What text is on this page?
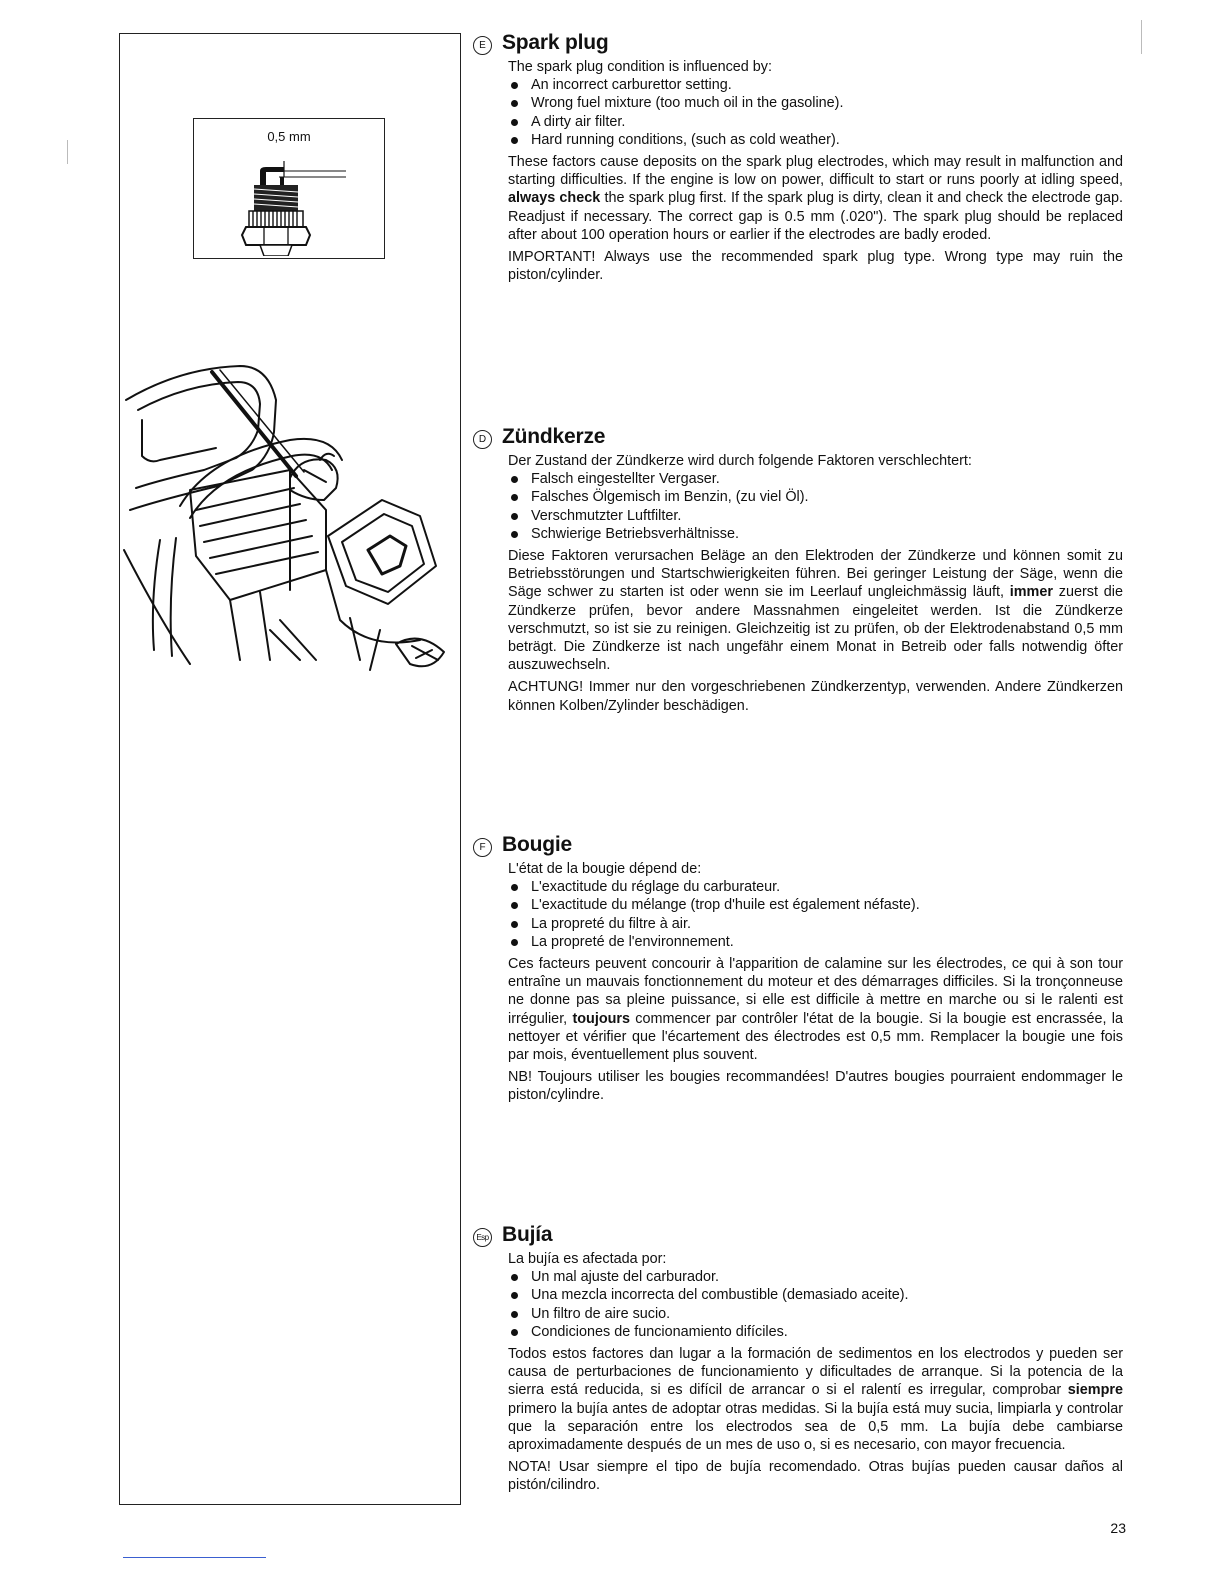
0,5 mm
E Spark plug

The spark plug condition is influenced by:

An incorrect carburettor setting.
Wrong fuel mixture (too much oil in the gasoline).
A dirty air filter.
Hard running conditions, (such as cold weather).

These factors cause deposits on the spark plug electrodes, which may result in malfunction and starting difficulties. If the engine is low on power, difficult to start or runs poorly at idling speed, always check the spark plug first. If the spark plug is dirty, clean it and check the electrode gap. Readjust if necessary. The correct gap is 0.5 mm (.020"). The spark plug should be replaced after about 100 operation hours or earlier if the electrodes are badly eroded.

IMPORTANT! Always use the recommended spark plug type. Wrong type may ruin the piston/cylinder.

D Zündkerze

Der Zustand der Zündkerze wird durch folgende Faktoren verschlechtert:

Falsch eingestellter Vergaser.
Falsches Ölgemisch im Benzin, (zu viel Öl).
Verschmutzter Luftfilter.
Schwierige Betriebsverhältnisse.

Diese Faktoren verursachen Beläge an den Elektroden der Zündkerze und können somit zu Betriebsstörungen und Startschwierigkeiten führen. Bei geringer Leistung der Säge, wenn die Säge schwer zu starten ist oder wenn sie im Leerlauf ungleichmässig läuft, immer zuerst die Zündkerze prüfen, bevor andere Massnahmen eingeleitet werden. Ist die Zündkerze verschmutzt, so ist sie zu reinigen. Gleichzeitig ist zu prüfen, ob der Elektrodenabstand 0,5 mm beträgt. Die Zündkerze ist nach ungefähr einem Monat in Betreib oder falls notwendig öfter auszuwechseln.

ACHTUNG! Immer nur den vorgeschriebenen Zündkerzentyp, verwenden. Andere Zündkerzen können Kolben/Zylinder beschädigen.

F Bougie

L'état de la bougie dépend de:

L'exactitude du réglage du carburateur.
L'exactitude du mélange (trop d'huile est également néfaste).
La propreté du filtre à air.
La propreté de l'environnement.

Ces facteurs peuvent concourir à l'apparition de calamine sur les électrodes, ce qui à son tour entraîne un mauvais fonctionnement du moteur et des démarrages difficiles. Si la tronçonneuse ne donne pas sa pleine puissance, si elle est difficile à mettre en marche ou si le ralenti est irrégulier, toujours commencer par contrôler l'état de la bougie. Si la bougie est encrassée, la nettoyer et vérifier que l'écartement des électrodes est 0,5 mm. Remplacer la bougie une fois par mois, éventuellement plus souvent.

NB! Toujours utiliser les bougies recommandées! D'autres bougies pourraient endommager le piston/cylindre.

Esp Bujía

La bujía es afectada por:

Un mal ajuste del carburador.
Una mezcla incorrecta del combustible (demasiado aceite).
Un filtro de aire sucio.
Condiciones de funcionamiento difíciles.

Todos estos factores dan lugar a la formación de sedimentos en los electrodos y pueden ser causa de perturbaciones de funcionamiento y dificultades de arranque. Si la potencia de la sierra está reducida, si es difícil de arrancar o si el ralentí es irregular, comprobar siempre primero la bujía antes de adoptar otras medidas. Si la bujía está muy sucia, limpiarla y controlar que la separación entre los electrodos sea de 0,5 mm. La bujía debe cambiarse aproximadamente después de un mes de uso o, si es necesario, con mayor frecuencia.

NOTA! Usar siempre el tipo de bujía recomendado. Otras bujías pueden causar daños al pistón/cilindro.

23
